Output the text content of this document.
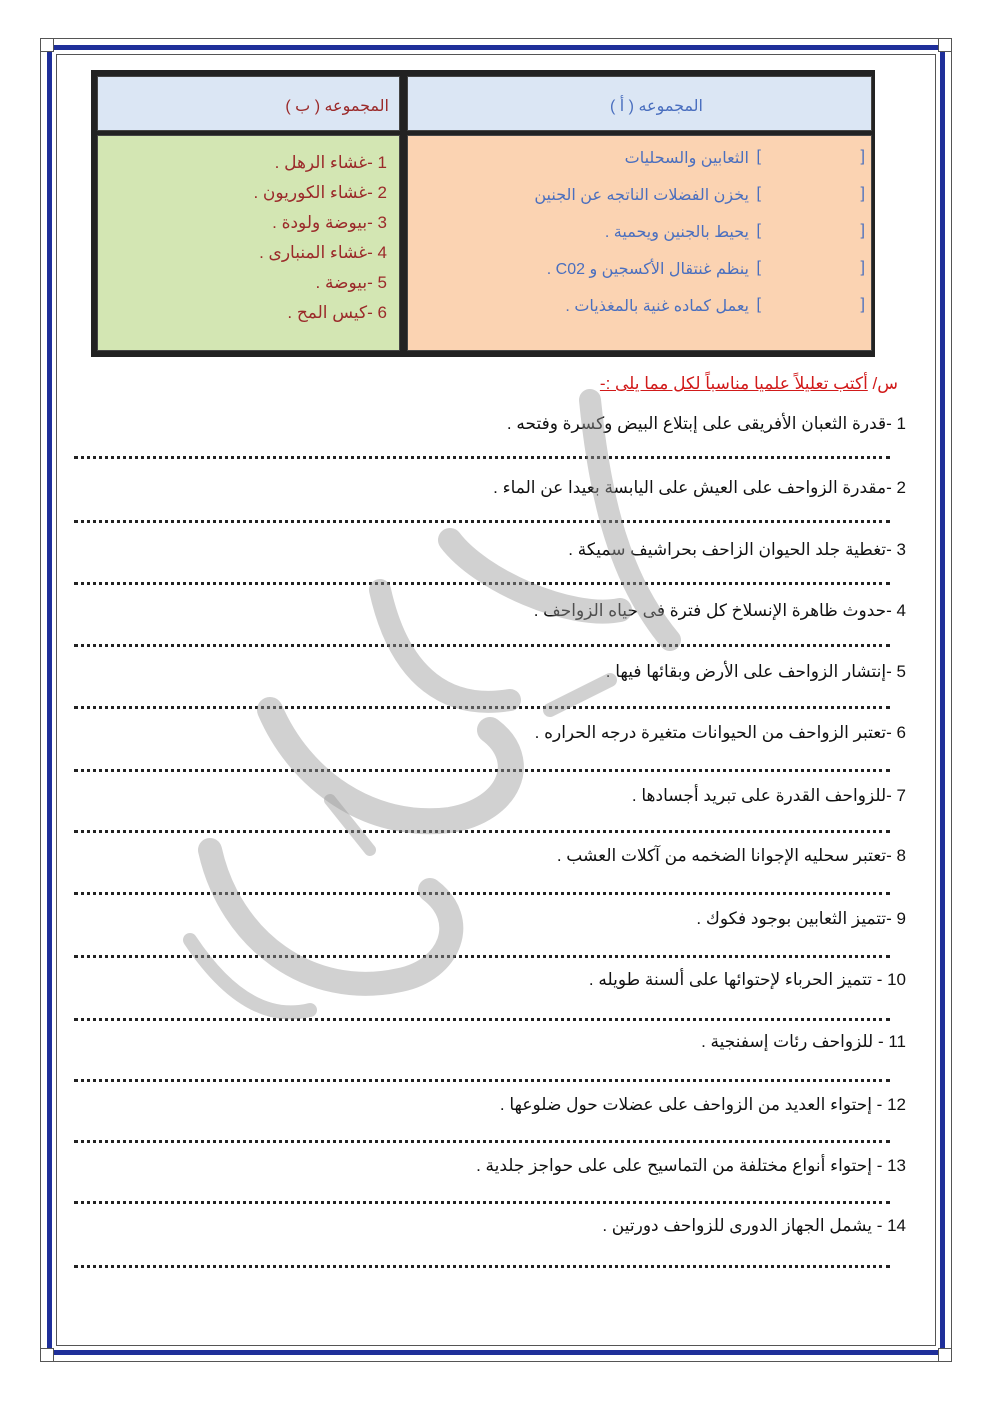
المجموعه ( أ )
المجموعه ( ب )
[
]
الثعابين والسحليات
[
]
يخزن الفضلات الناتجه عن الجنين
[
]
يحيط بالجنين ويحمية .
[
]
ينظم غنتقال الأكسجين و C02 .
[
]
يعمل كماده غنية بالمغذيات .
1 -غشاء الرهل .
2 -غشاء الكوريون .
3 -بيوضة ولودة .
4 -غشاء المنبارى .
5 -بيوضة .
6 -كيس المح .
س/ أكتب تعليلاً علميا مناسباً لكل مما يلى :-
1 -قدرة الثعبان الأفريقى على إبتلاع البيض وكسرة وفتحه .
2 -مقدرة الزواحف على العيش على اليابسة بعيدا عن الماء .
3 -تغطية جلد الحيوان الزاحف بحراشيف سميكة .
4 -حدوث ظاهرة الإنسلاخ كل فترة فى حياه الزواحف .
5 -إنتشار الزواحف على الأرض وبقائها فيها .
6 -تعتبر الزواحف من الحيوانات متغيرة درجه الحراره .
7 -للزواحف القدرة على تبريد أجسادها .
8 -تعتبر سحليه الإجوانا الضخمه من آكلات العشب .
9 -تتميز الثعابين بوجود فكوك .
10 - تتميز الحرباء لإحتوائها على ألسنة طويله .
11 - للزواحف رئات إسفنجية .
12 - إحتواء العديد من الزواحف على عضلات حول ضلوعها .
13 - إحتواء أنواع مختلفة من التماسيح على على حواجز جلدية .
14 - يشمل الجهاز الدورى للزواحف دورتين .
